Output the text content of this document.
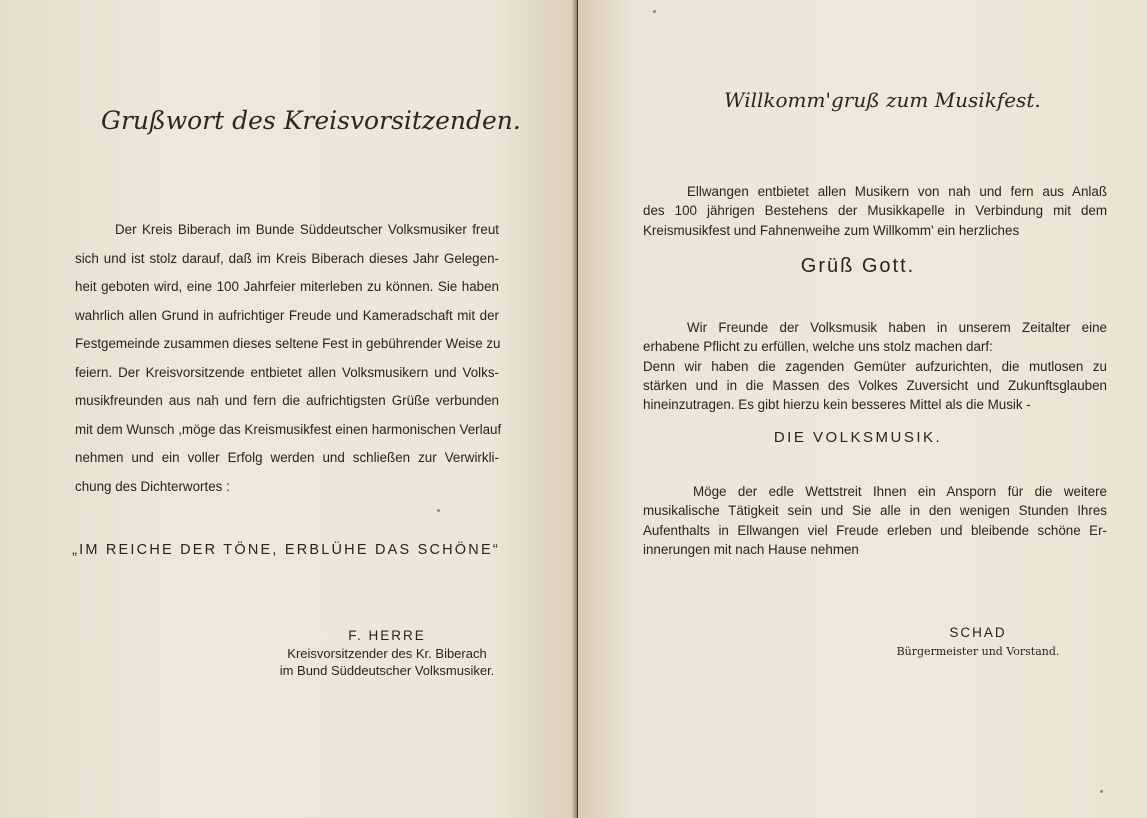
Grußwort des Kreisvorsitzenden.

Der Kreis Biberach im Bunde Süddeutscher Volksmusiker freut

sich und ist stolz darauf, daß im Kreis Biberach dieses Jahr Gelegen-

heit geboten wird, eine 100 Jahrfeier miterleben zu können. Sie haben

wahrlich allen Grund in aufrichtiger Freude und Kameradschaft mit der

Festgemeinde zusammen dieses seltene Fest in gebührender Weise zu

feiern. Der Kreisvorsitzende entbietet allen Volksmusikern und Volks-

musikfreunden aus nah und fern die aufrichtigsten Grüße verbunden

mit dem Wunsch ,möge das Kreismusikfest einen harmonischen Verlauf

nehmen und ein voller Erfolg werden und schließen zur Verwirkli-

chung des Dichterwortes :

„IM REICHE DER TÖNE, ERBLÜHE DAS SCHÖNE“
F. HERRE
Kreisvorsitzender des Kr. Biberach
im Bund Süddeutscher Volksmusiker.
Willkomm'gruß zum Musikfest.

Ellwangen entbietet allen Musikern von nah und fern aus Anlaß

des 100 jährigen Bestehens der Musikkapelle in Verbindung mit dem

Kreismusikfest und Fahnenweihe zum Willkomm' ein herzliches

Grüß Gott.

Wir Freunde der Volksmusik haben in unserem Zeitalter eine

erhabene Pflicht zu erfüllen, welche uns stolz machen darf:

Denn wir haben die zagenden Gemüter aufzurichten, die mutlosen zu

stärken und in die Massen des Volkes Zuversicht und Zukunftsglauben

hineinzutragen. Es gibt hierzu kein besseres Mittel als die Musik -

DIE VOLKSMUSIK.

Möge der edle Wettstreit Ihnen ein Ansporn für die weitere

musikalische Tätigkeit sein und Sie alle in den wenigen Stunden Ihres

Aufenthalts in Ellwangen viel Freude erleben und bleibende schöne Er-

innerungen mit nach Hause nehmen

SCHAD
Bürgermeister und Vorstand.
